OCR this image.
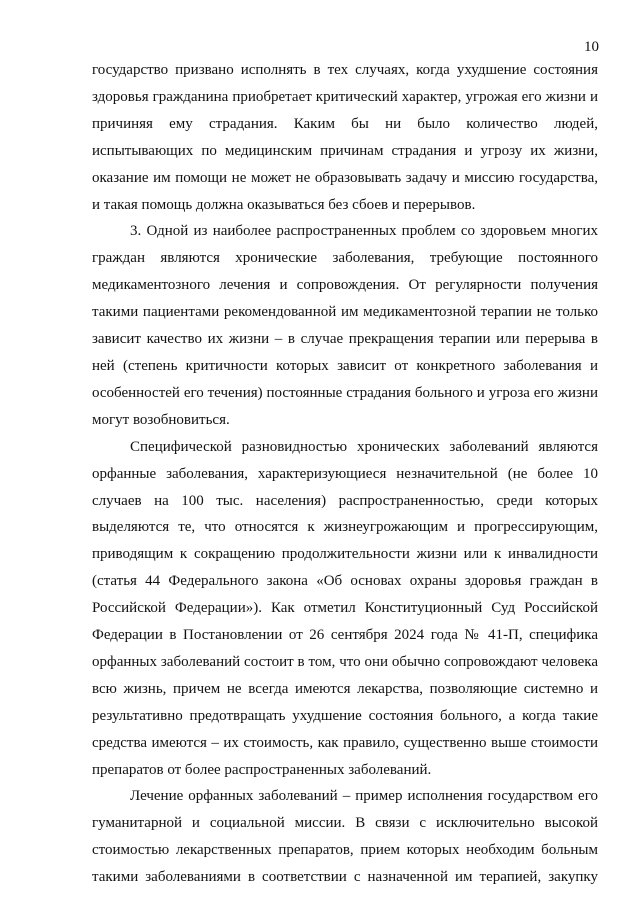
10

государство призвано исполнять в тех случаях, когда ухудшение состояния здоровья гражданина приобретает критический характер, угрожая его жизни и причиняя ему страдания. Каким бы ни было количество людей, испытывающих по медицинским причинам страдания и угрозу их жизни, оказание им помощи не может не образовывать задачу и миссию государства, и такая помощь должна оказываться без сбоев и перерывов.

3. Одной из наиболее распространенных проблем со здоровьем многих граждан являются хронические заболевания, требующие постоянного медикаментозного лечения и сопровождения. От регулярности получения такими пациентами рекомендованной им медикаментозной терапии не только зависит качество их жизни – в случае прекращения терапии или перерыва в ней (степень критичности которых зависит от конкретного заболевания и особенностей его течения) постоянные страдания больного и угроза его жизни могут возобновиться.

Специфической разновидностью хронических заболеваний являются орфанные заболевания, характеризующиеся незначительной (не более 10 случаев на 100 тыс. населения) распространенностью, среди которых выделяются те, что относятся к жизнеугрожающим и прогрессирующим, приводящим к сокращению продолжительности жизни или к инвалидности (статья 44 Федерального закона «Об основах охраны здоровья граждан в Российской Федерации»). Как отметил Конституционный Суд Российской Федерации в Постановлении от 26 сентября 2024 года № 41-П, специфика орфанных заболеваний состоит в том, что они обычно сопровождают человека всю жизнь, причем не всегда имеются лекарства, позволяющие системно и результативно предотвращать ухудшение состояния больного, а когда такие средства имеются – их стоимость, как правило, существенно выше стоимости препаратов от более распространенных заболеваний.

Лечение орфанных заболеваний – пример исполнения государством его гуманитарной и социальной миссии. В связи с исключительно высокой стоимостью лекарственных препаратов, прием которых необходим больным такими заболеваниями в соответствии с назначенной им терапией, закупку
